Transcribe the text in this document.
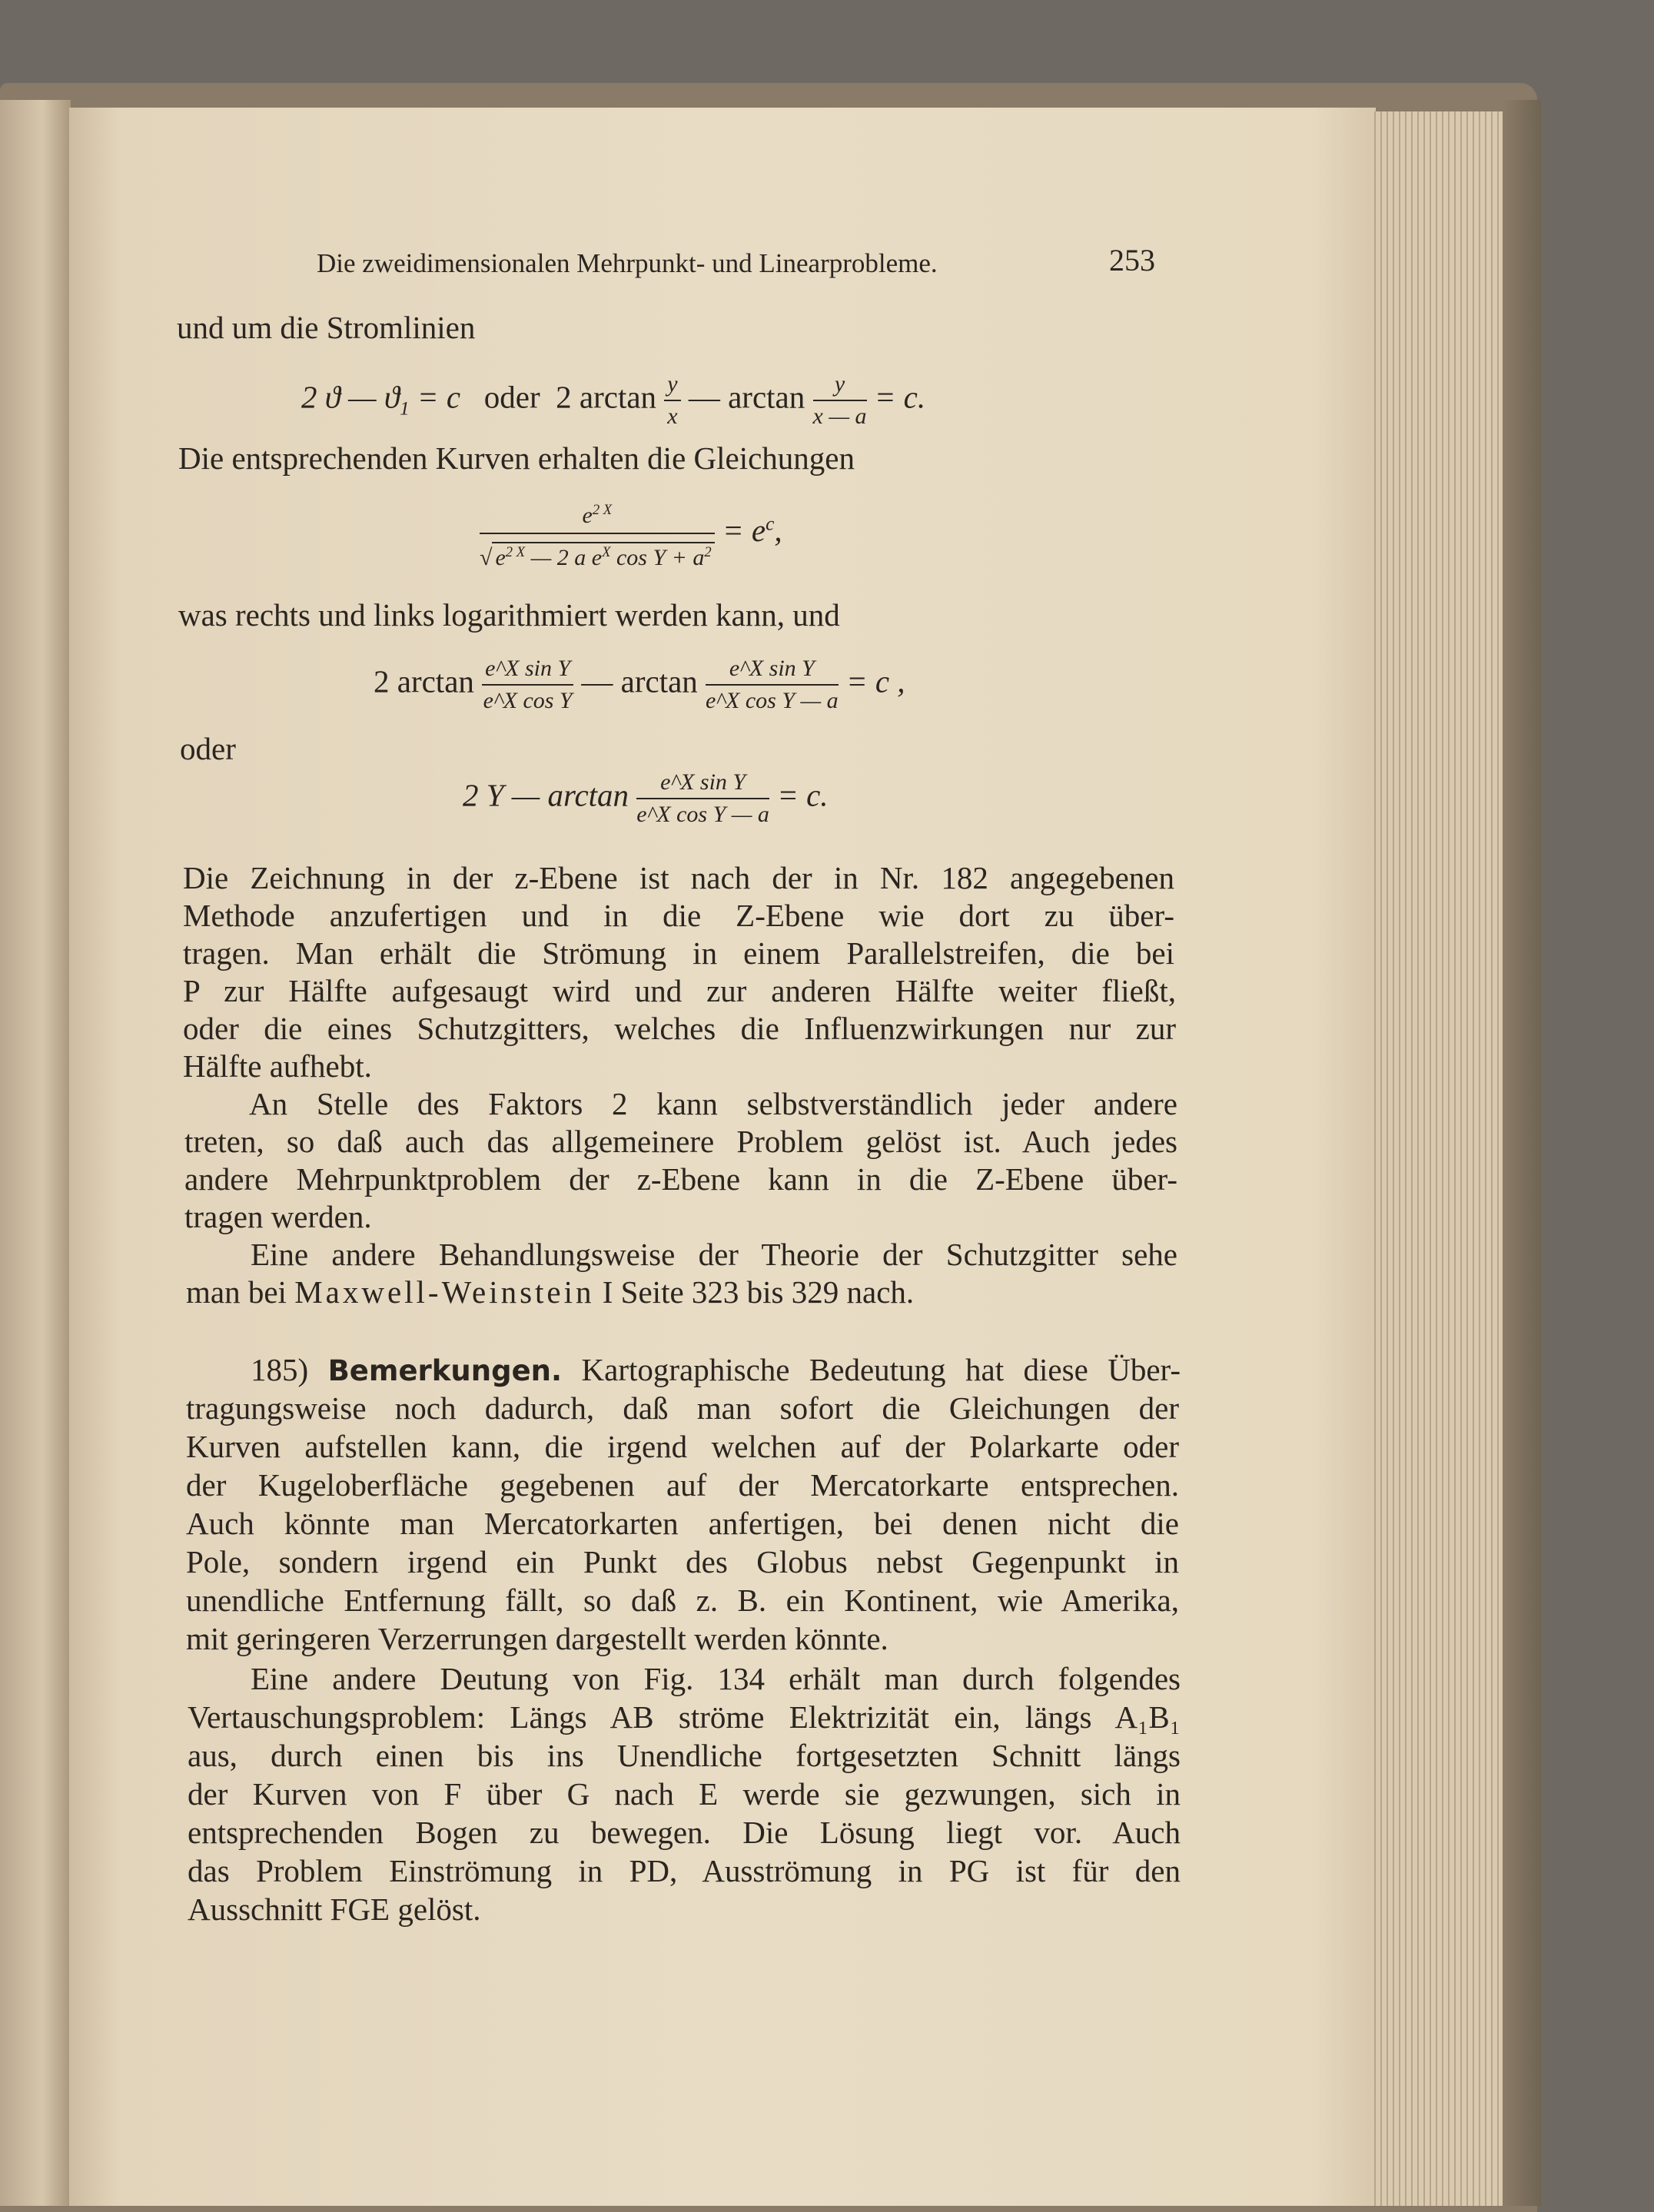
Die zweidimensionalen Mehrpunkt- und Linearprobleme.	253
und um die Stromlinien
2 ϑ — $ϑ_1 = c$ oder 2 $\arctan \frac{y}{x}$ — $\arctan \frac{y}{x — a} = c$.
Die entsprechenden Kurven erhalten die Gleichungen
$\frac{e^{2 X}}{√ e^{2 X} — 2 a e^X \cos Y + a^2} = e^c$,
was rechts und links logarithmiert werden kann, und
2 $\arctan \frac{\text{e\textasciicircum{}X sin Y}}{\text{e\textasciicircum{}X cos Y}}$ — $\arctan \frac{\text{e\textasciicircum{}X sin Y}}{\text{e\textasciicircum{}X cos Y — a}} = c$ ,
oder
2 Y — $\arctan \frac{\text{e\textasciicircum{}X sin Y}}{\text{e\textasciicircum{}X cos Y — a}} = c$.
Die Zeichnung in der z-Ebene ist nach der in Nr. 182 angegebenen
Methode anzufertigen und in die Z-Ebene wie dort zu über-
tragen. Man erhält die Strömung in einem Parallelstreifen, die bei
P zur Hälfte aufgesaugt wird und zur anderen Hälfte weiter fließt,
oder die eines Schutzgitters, welches die Influenzwirkungen nur zur
Hälfte aufhebt.
An Stelle des Faktors 2 kann selbstverständlich jeder andere
treten, so daß auch das allgemeinere Problem gelöst ist. Auch jedes
andere Mehrpunktproblem der z-Ebene kann in die Z-Ebene über-
tragen werden.
Eine andere Behandlungsweise der Theorie der Schutzgitter sehe
man bei Maxwell-Weinstein I Seite 323 bis 329 nach.
185) Bemerkungen. Kartographische Bedeutung hat diese Über-
tragungsweise noch dadurch, daß man sofort die Gleichungen der
Kurven aufstellen kann, die irgend welchen auf der Polarkarte oder
der Kugeloberfläche gegebenen auf der Mercatorkarte entsprechen.
Auch könnte man Mercatorkarten anfertigen, bei denen nicht die
Pole, sondern irgend ein Punkt des Globus nebst Gegenpunkt in
unendliche Entfernung fällt, so daß z. B. ein Kontinent, wie Amerika,
mit geringeren Verzerrungen dargestellt werden könnte.
Eine andere Deutung von Fig. 134 erhält man durch folgendes
Vertauschungsproblem: Längs AB ströme Elektrizität ein, längs A₁B₁
aus, durch einen bis ins Unendliche fortgesetzten Schnitt längs
der Kurven von F über G nach E werde sie gezwungen, sich in
entsprechenden Bogen zu bewegen. Die Lösung liegt vor. Auch
das Problem Einströmung in PD, Ausströmung in PG ist für den
Ausschnitt FGE gelöst.
